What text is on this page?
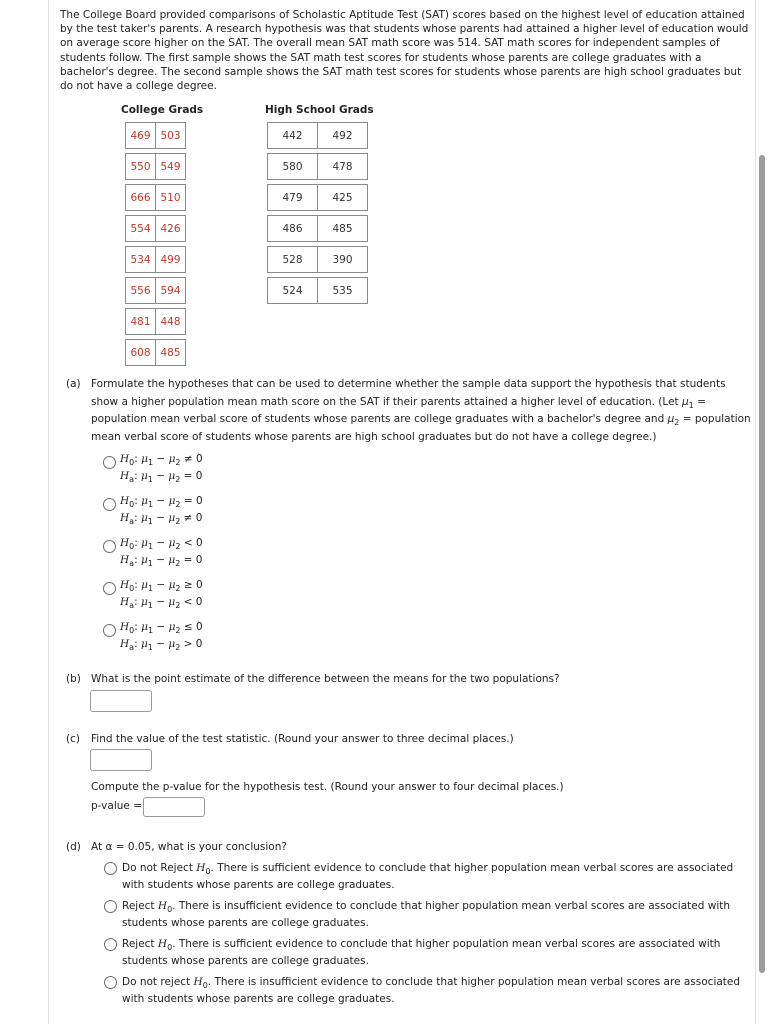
The College Board provided comparisons of Scholastic Aptitude Test (SAT) scores based on the highest level of education attained by the test taker's parents. A research hypothesis was that students whose parents had attained a higher level of education would on average score higher on the SAT. The overall mean SAT math score was 514. SAT math scores for independent samples of students follow. The first sample shows the SAT math test scores for students whose parents are college graduates with a bachelor's degree. The second sample shows the SAT math test scores for students whose parents are high school graduates but do not have a college degree.

College Grads
469	503

550	549

666	510

554	426

534	499

556	594

481	448

608	485
High School Grads
442	492

580	478

479	425

486	485

528	390

524	535
(a) Formulate the hypotheses that can be used to determine whether the sample data support the hypothesis that students show a higher population mean math score on the SAT if their parents attained a higher level of education. (Let $\mu_1$ = population mean verbal score of students whose parents are college graduates with a bachelor's degree and $\mu_2$ = population mean verbal score of students whose parents are high school graduates but do not have a college degree.)
$H_0$: $\mu_1 - \mu_2 \ne 0$
$H_a$: $\mu_1 - \mu_2 = 0$
$H_0$: $\mu_1 - \mu_2 = 0$
$H_a$: $\mu_1 - \mu_2 \ne 0$
$H_0$: $\mu_1 - \mu_2 < 0$
$H_a$: $\mu_1 - \mu_2 = 0$
$H_0$: $\mu_1 - \mu_2 \ge 0$
$H_a$: $\mu_1 - \mu_2 < 0$
$H_0$: $\mu_1 - \mu_2 \le 0$
$H_a$: $\mu_1 - \mu_2 > 0$
(b) What is the point estimate of the difference between the means for the two populations?
(c) Find the value of the test statistic. (Round your answer to three decimal places.)
Compute the p-value for the hypothesis test. (Round your answer to four decimal places.)
p-value =
(d) At α = 0.05, what is your conclusion?
Do not Reject $H_0$. There is sufficient evidence to conclude that higher population mean verbal scores are associated with students whose parents are college graduates.
Reject $H_0$. There is insufficient evidence to conclude that higher population mean verbal scores are associated with students whose parents are college graduates.
Reject $H_0$. There is sufficient evidence to conclude that higher population mean verbal scores are associated with students whose parents are college graduates.
Do not reject $H_0$. There is insufficient evidence to conclude that higher population mean verbal scores are associated with students whose parents are college graduates.
